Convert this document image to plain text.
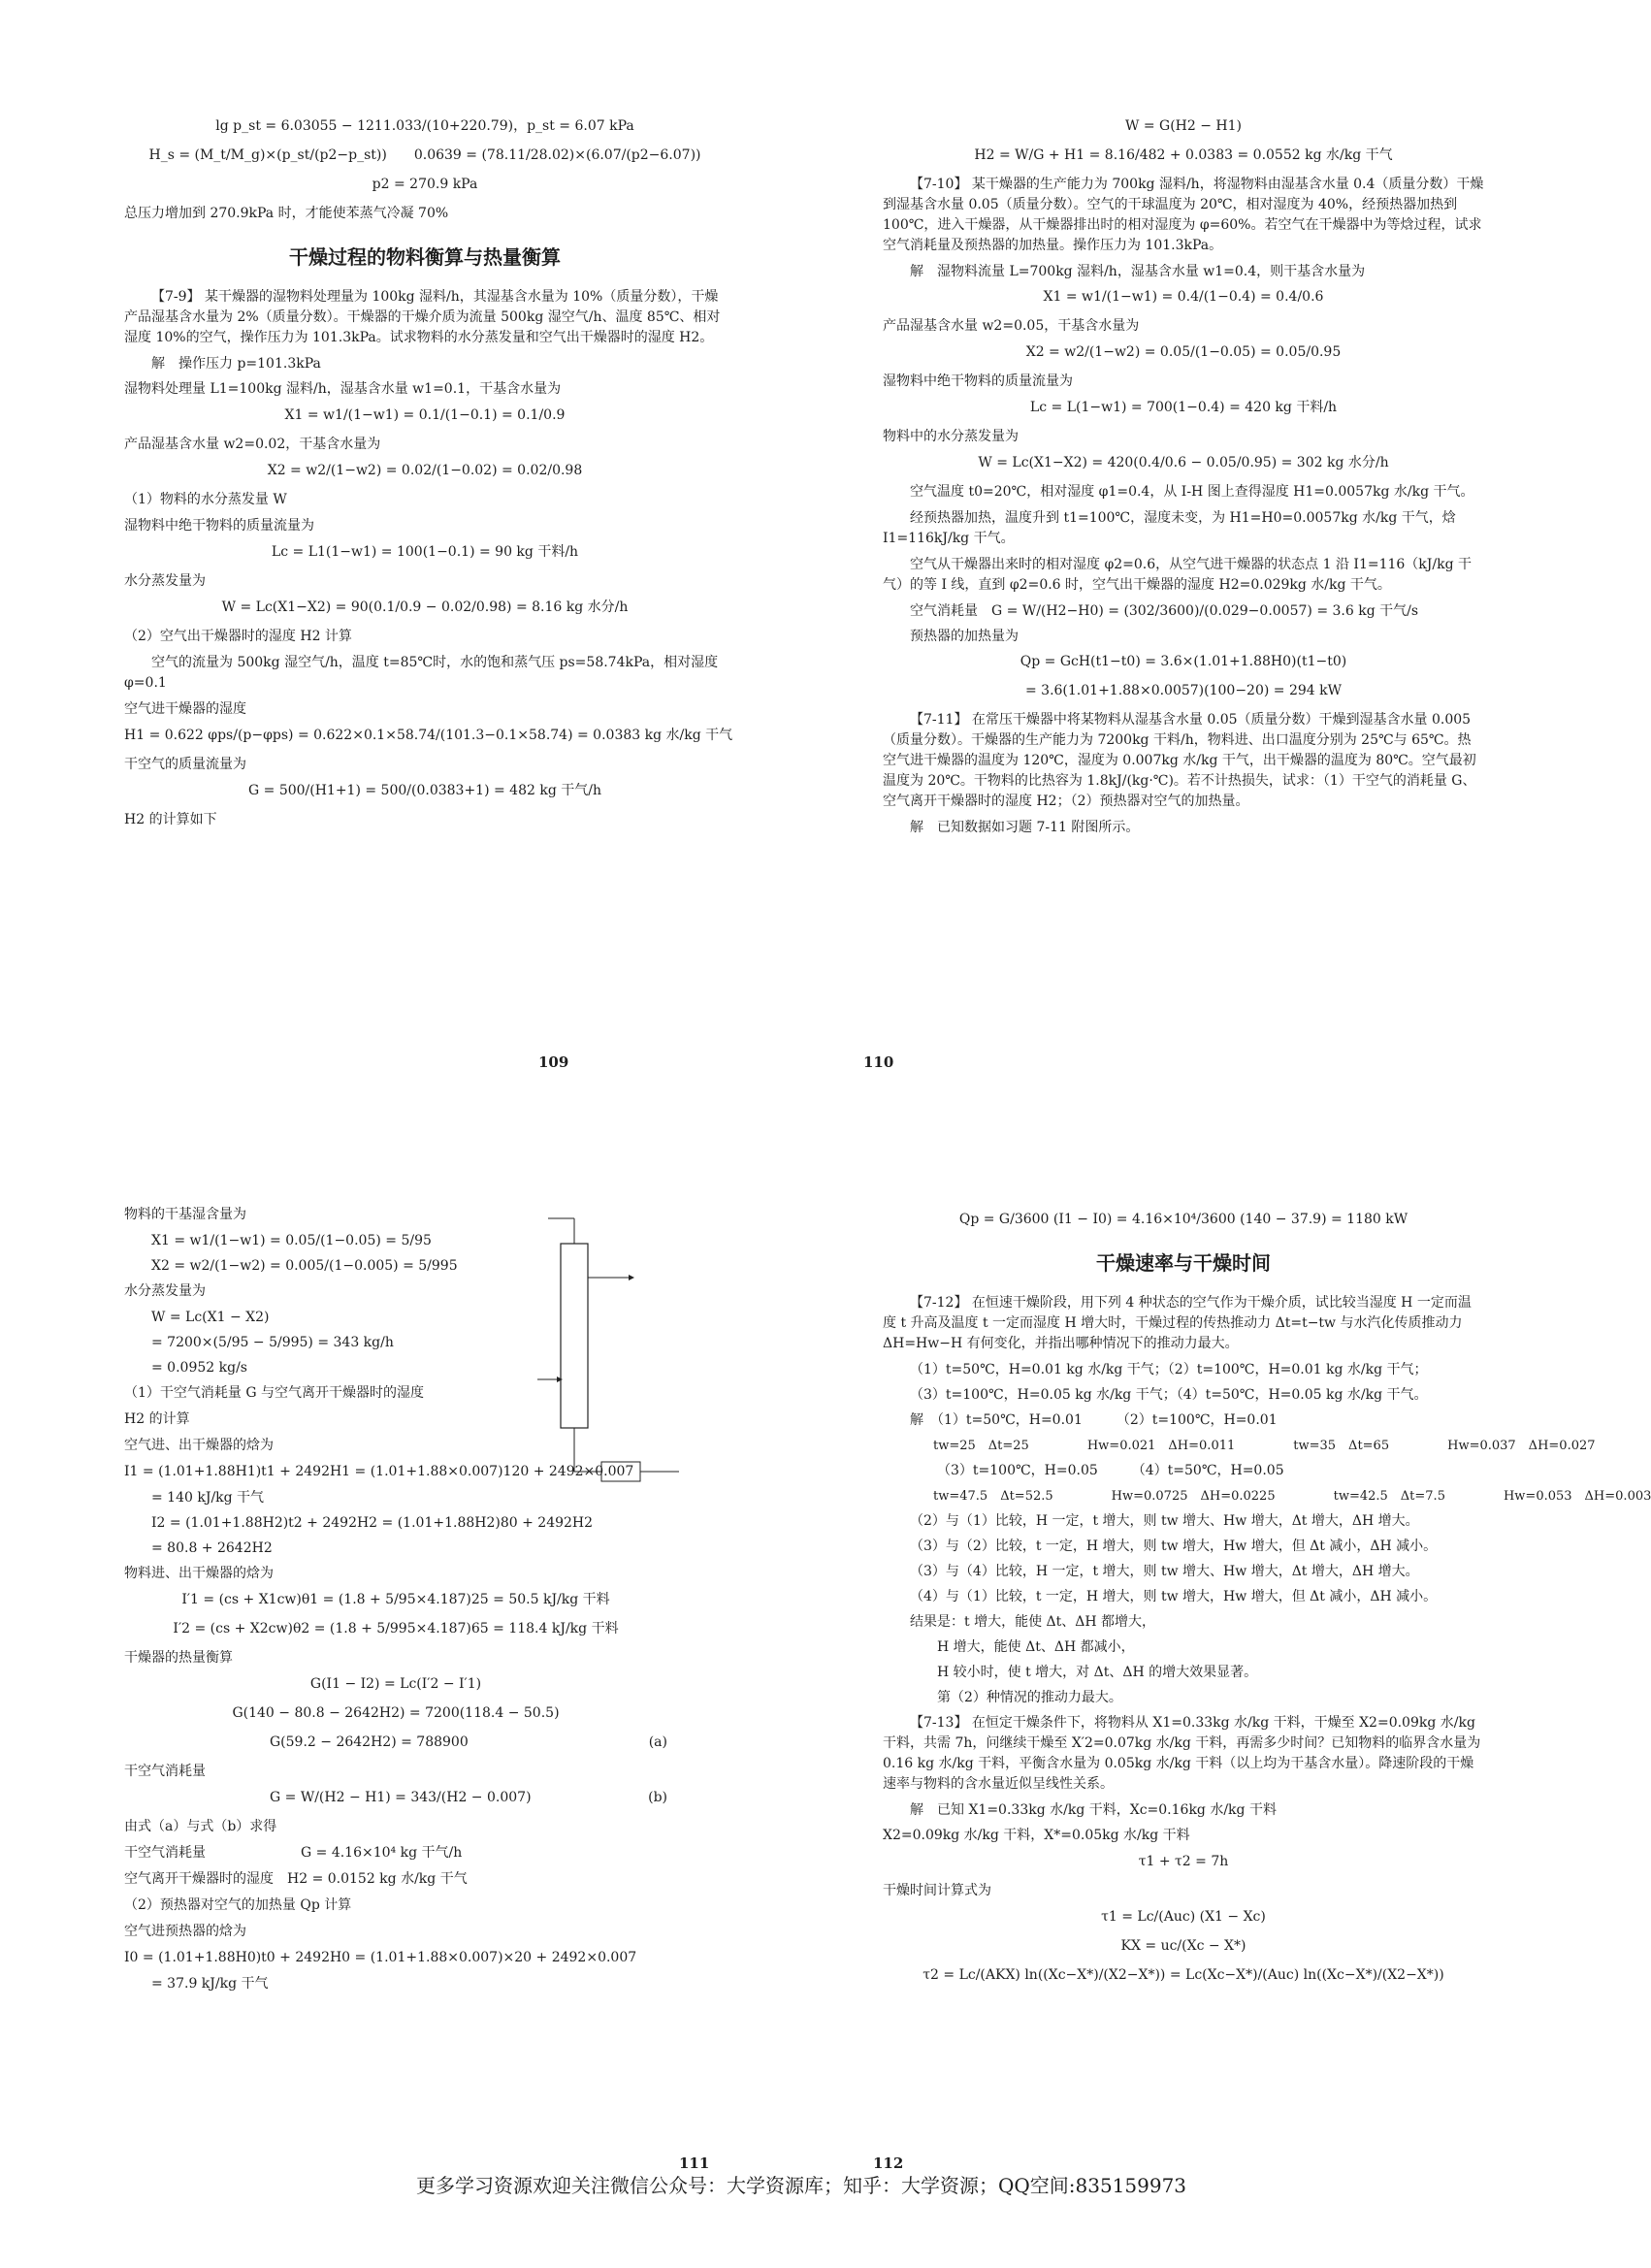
lg p_st = 6.03055 − 1211.033/(10+220.79)，p_st = 6.07 kPa
H_s = (M_t/M_g)×(p_st/(p2−p_st))　　0.0639 = (78.11/28.02)×(6.07/(p2−6.07))
p2 = 270.9 kPa
总压力增加到 270.9kPa 时，才能使苯蒸气冷凝 70%
干燥过程的物料衡算与热量衡算
【7-9】 某干燥器的湿物料处理量为 100kg 湿料/h，其湿基含水量为 10%（质量分数），干燥产品湿基含水量为 2%（质量分数）。干燥器的干燥介质为流量 500kg 湿空气/h、温度 85℃、相对湿度 10%的空气，操作压力为 101.3kPa。试求物料的水分蒸发量和空气出干燥器时的湿度 H2。
解　操作压力 p=101.3kPa
湿物料处理量 L1=100kg 湿料/h，湿基含水量 w1=0.1，干基含水量为
X1 = w1/(1−w1) = 0.1/(1−0.1) = 0.1/0.9
产品湿基含水量 w2=0.02，干基含水量为
X2 = w2/(1−w2) = 0.02/(1−0.02) = 0.02/0.98
（1）物料的水分蒸发量 W
湿物料中绝干物料的质量流量为
Lc = L1(1−w1) = 100(1−0.1) = 90 kg 干料/h
水分蒸发量为
W = Lc(X1−X2) = 90(0.1/0.9 − 0.02/0.98) = 8.16 kg 水分/h
（2）空气出干燥器时的湿度 H2 计算
空气的流量为 500kg 湿空气/h，温度 t=85℃时，水的饱和蒸气压 ps=58.74kPa，相对湿度 φ=0.1
空气进干燥器的湿度
H1 = 0.622 φps/(p−φps) = 0.622×0.1×58.74/(101.3−0.1×58.74) = 0.0383 kg 水/kg 干气
干空气的质量流量为
G = 500/(H1+1) = 500/(0.0383+1) = 482 kg 干气/h
H2 的计算如下
109
W = G(H2 − H1)
H2 = W/G + H1 = 8.16/482 + 0.0383 = 0.0552 kg 水/kg 干气
【7-10】 某干燥器的生产能力为 700kg 湿料/h，将湿物料由湿基含水量 0.4（质量分数）干燥到湿基含水量 0.05（质量分数）。空气的干球温度为 20℃，相对湿度为 40%，经预热器加热到 100℃，进入干燥器，从干燥器排出时的相对湿度为 φ=60%。若空气在干燥器中为等焓过程，试求空气消耗量及预热器的加热量。操作压力为 101.3kPa。
解　湿物料流量 L=700kg 湿料/h，湿基含水量 w1=0.4，则干基含水量为
X1 = w1/(1−w1) = 0.4/(1−0.4) = 0.4/0.6
产品湿基含水量 w2=0.05，干基含水量为
X2 = w2/(1−w2) = 0.05/(1−0.05) = 0.05/0.95
湿物料中绝干物料的质量流量为
Lc = L(1−w1) = 700(1−0.4) = 420 kg 干料/h
物料中的水分蒸发量为
W = Lc(X1−X2) = 420(0.4/0.6 − 0.05/0.95) = 302 kg 水分/h
空气温度 t0=20℃，相对湿度 φ1=0.4，从 I-H 图上查得湿度 H1=0.0057kg 水/kg 干气。
经预热器加热，温度升到 t1=100℃，湿度未变，为 H1=H0=0.0057kg 水/kg 干气，焓 I1=116kJ/kg 干气。
空气从干燥器出来时的相对湿度 φ2=0.6，从空气进干燥器的状态点 1 沿 I1=116（kJ/kg 干气）的等 I 线，直到 φ2=0.6 时，空气出干燥器的湿度 H2=0.029kg 水/kg 干气。
空气消耗量　G = W/(H2−H0) = (302/3600)/(0.029−0.0057) = 3.6 kg 干气/s
预热器的加热量为
Qp = GcH(t1−t0) = 3.6×(1.01+1.88H0)(t1−t0)
= 3.6(1.01+1.88×0.0057)(100−20) = 294 kW
【7-11】 在常压干燥器中将某物料从湿基含水量 0.05（质量分数）干燥到湿基含水量 0.005（质量分数）。干燥器的生产能力为 7200kg 干料/h，物料进、出口温度分别为 25℃与 65℃。热空气进干燥器的温度为 120℃，湿度为 0.007kg 水/kg 干气，出干燥器的温度为 80℃。空气最初温度为 20℃。干物料的比热容为 1.8kJ/(kg·℃)。若不计热损失，试求：（1）干空气的消耗量 G、空气离开干燥器时的湿度 H2；（2）预热器对空气的加热量。
解　已知数据如习题 7-11 附图所示。
110
物料的干基湿含量为
X1 = w1/(1−w1) = 0.05/(1−0.05) = 5/95
X2 = w2/(1−w2) = 0.005/(1−0.005) = 5/995
水分蒸发量为
W = Lc(X1 − X2)
= 7200×(5/95 − 5/995) = 343 kg/h
= 0.0952 kg/s
（1）干空气消耗量 G 与空气离开干燥器时的湿度
H2 的计算
空气进、出干燥器的焓为
I1 = (1.01+1.88H1)t1 + 2492H1 = (1.01+1.88×0.007)120 + 2492×0.007
= 140 kJ/kg 干气
I2 = (1.01+1.88H2)t2 + 2492H2 = (1.01+1.88H2)80 + 2492H2
= 80.8 + 2642H2
物料进、出干燥器的焓为
I′1 = (cs + X1cw)θ1 = (1.8 + 5/95×4.187)25 = 50.5 kJ/kg 干料
I′2 = (cs + X2cw)θ2 = (1.8 + 5/995×4.187)65 = 118.4 kJ/kg 干料
干燥器的热量衡算
G(I1 − I2) = Lc(I′2 − I′1)
G(140 − 80.8 − 2642H2) = 7200(118.4 − 50.5)
G(59.2 − 2642H2) = 788900	(a)
干空气消耗量
G = W/(H2 − H1) = 343/(H2 − 0.007)	(b)
由式（a）与式（b）求得
干空气消耗量　　　　　　　G = 4.16×10⁴ kg 干气/h
空气离开干燥器时的湿度　H2 = 0.0152 kg 水/kg 干气
（2）预热器对空气的加热量 Qp 计算
空气进预热器的焓为
I0 = (1.01+1.88H0)t0 + 2492H0 = (1.01+1.88×0.007)×20 + 2492×0.007
= 37.9 kJ/kg 干气
111
Qp = G/3600 (I1 − I0) = 4.16×10⁴/3600 (140 − 37.9) = 1180 kW
干燥速率与干燥时间
【7-12】 在恒速干燥阶段，用下列 4 种状态的空气作为干燥介质，试比较当湿度 H 一定而温度 t 升高及温度 t 一定而湿度 H 增大时，干燥过程的传热推动力 Δt=t−tw 与水汽化传质推动力 ΔH=Hw−H 有何变化，并指出哪种情况下的推动力最大。
（1）t=50℃，H=0.01 kg 水/kg 干气；（2）t=100℃，H=0.01 kg 水/kg 干气；
（3）t=100℃，H=0.05 kg 水/kg 干气；（4）t=50℃，H=0.05 kg 水/kg 干气。
解　（1）t=50℃，H=0.01　　　（2）t=100℃，H=0.01
tw=25　Δt=25	Hw=0.021　ΔH=0.011	tw=35　Δt=65	Hw=0.037　ΔH=0.027
（3）t=100℃，H=0.05　　　（4）t=50℃，H=0.05
tw=47.5　Δt=52.5	Hw=0.0725　ΔH=0.0225	tw=42.5　Δt=7.5	Hw=0.053　ΔH=0.003
（2）与（1）比较，H 一定，t 增大，则 tw 增大、Hw 增大，Δt 增大，ΔH 增大。
（3）与（2）比较，t 一定，H 增大，则 tw 增大，Hw 增大，但 Δt 减小，ΔH 减小。
（3）与（4）比较，H 一定，t 增大，则 tw 增大、Hw 增大，Δt 增大，ΔH 增大。
（4）与（1）比较，t 一定，H 增大，则 tw 增大，Hw 增大，但 Δt 减小，ΔH 减小。
结果是：t 增大，能使 Δt、ΔH 都增大，
H 增大，能使 Δt、ΔH 都减小，
H 较小时，使 t 增大，对 Δt、ΔH 的增大效果显著。
第（2）种情况的推动力最大。
【7-13】 在恒定干燥条件下，将物料从 X1=0.33kg 水/kg 干料，干燥至 X2=0.09kg 水/kg 干料，共需 7h，问继续干燥至 X′2=0.07kg 水/kg 干料，再需多少时间？已知物料的临界含水量为 0.16 kg 水/kg 干料，平衡含水量为 0.05kg 水/kg 干料（以上均为干基含水量）。降速阶段的干燥速率与物料的含水量近似呈线性关系。
解　已知 X1=0.33kg 水/kg 干料，Xc=0.16kg 水/kg 干料
X2=0.09kg 水/kg 干料，X*=0.05kg 水/kg 干料
τ1 + τ2 = 7h
干燥时间计算式为
τ1 = Lc/(Auc) (X1 − Xc)
KX = uc/(Xc − X*)
τ2 = Lc/(AKX) ln((Xc−X*)/(X2−X*)) = Lc(Xc−X*)/(Auc) ln((Xc−X*)/(X2−X*))
112
更多学习资源欢迎关注微信公众号：大学资源库；知乎：大学资源；QQ空间:835159973
